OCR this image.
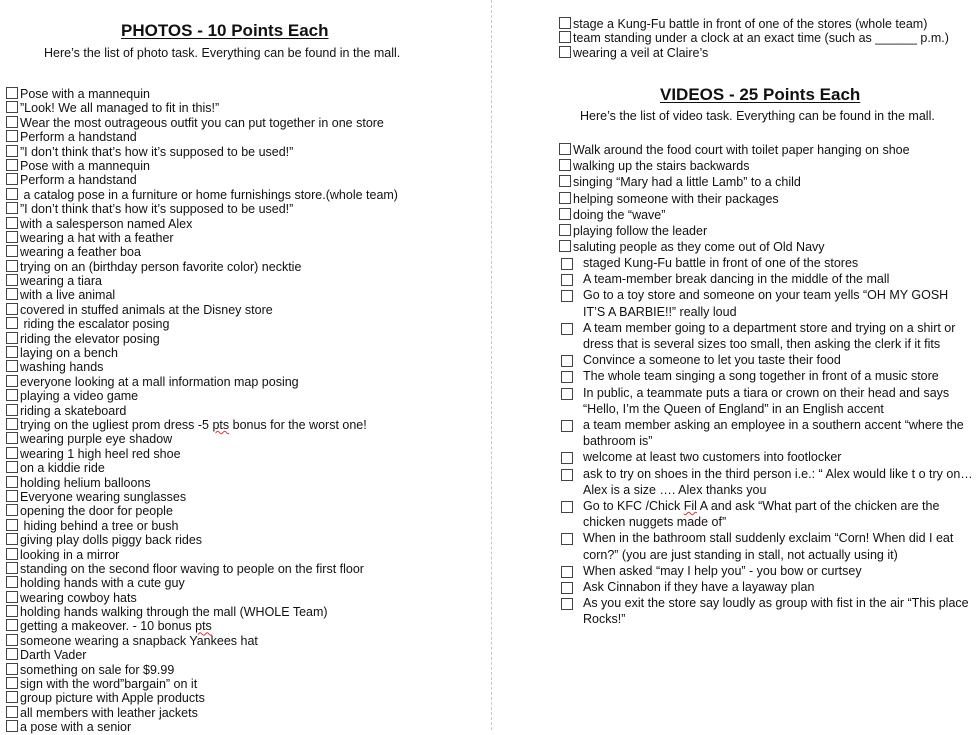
PHOTOS - 10 Points Each
Here’s the list of photo task. Everything can be found in the mall.
Pose with a mannequin
”Look! We all managed to fit in this!”
Wear the most outrageous outfit you can put together in one store
Perform a handstand
”I don’t think that’s how it’s supposed to be used!”
Pose with a mannequin
Perform a handstand
a catalog pose in a furniture or home furnishings store.(whole team)
”I don’t think that’s how it’s supposed to be used!”
with a salesperson named Alex
wearing a hat with a feather
wearing a feather boa
trying on an (birthday person favorite color) necktie
wearing a tiara
with a live animal
covered in stuffed animals at the Disney store
riding the escalator posing
riding the elevator posing
laying on a bench
washing hands
everyone looking at a mall information map posing
playing a video game
riding a skateboard
trying on the ugliest prom dress -5 pts bonus for the worst one!
wearing purple eye shadow
wearing 1 high heel red shoe
on a kiddie ride
holding helium balloons
Everyone wearing sunglasses
opening the door for people
hiding behind a tree or bush
giving play dolls piggy back rides
looking in a mirror
standing on the second floor waving to people on the first floor
holding hands with a cute guy
wearing cowboy hats
holding hands walking through the mall (WHOLE Team)
getting a makeover. - 10 bonus pts
someone wearing a snapback Yankees hat
Darth Vader
something on sale for $9.99
sign with the word”bargain” on it
group picture with Apple products
all members with leather jackets
a pose with a senior
stage a Kung-Fu battle in front of one of the stores (whole team)
team standing under a clock at an exact time (such as ______ p.m.)
wearing a veil at Claire’s
VIDEOS - 25 Points Each
Here’s the list of video task. Everything can be found in the mall.
Walk around the food court with toilet paper hanging on shoe
walking up the stairs backwards
singing “Mary had a little Lamb” to a child
helping someone with their packages
doing the “wave”
playing follow the leader
saluting people as they come out of Old Navy
staged Kung-Fu battle in front of one of the stores
A team-member break dancing in the middle of the mall
Go to a toy store and someone on your team yells “OH MY GOSH IT’S A BARBIE!!” really loud
A team member going to a department store and trying on a shirt or dress that is several sizes too small, then asking the clerk if it fits
Convince a someone to let you taste their food
The whole team singing a song together in front of a music store
In public, a teammate puts a tiara or crown on their head and says “Hello, I’m the Queen of England” in an English accent
a team member asking an employee in a southern accent “where the bathroom is”
welcome at least two customers into footlocker
ask to try on shoes in the third person i.e.: “ Alex would like t o try on… Alex is a size …. Alex thanks you
Go to KFC /Chick Fil A and ask “What part of the chicken are the chicken nuggets made of”
When in the bathroom stall suddenly exclaim “Corn! When did I eat corn?” (you are just standing in stall, not actually using it)
When asked “may I help you” - you bow or curtsey
Ask Cinnabon if they have a layaway plan
As you exit the store say loudly as group with fist in the air “This place Rocks!”
